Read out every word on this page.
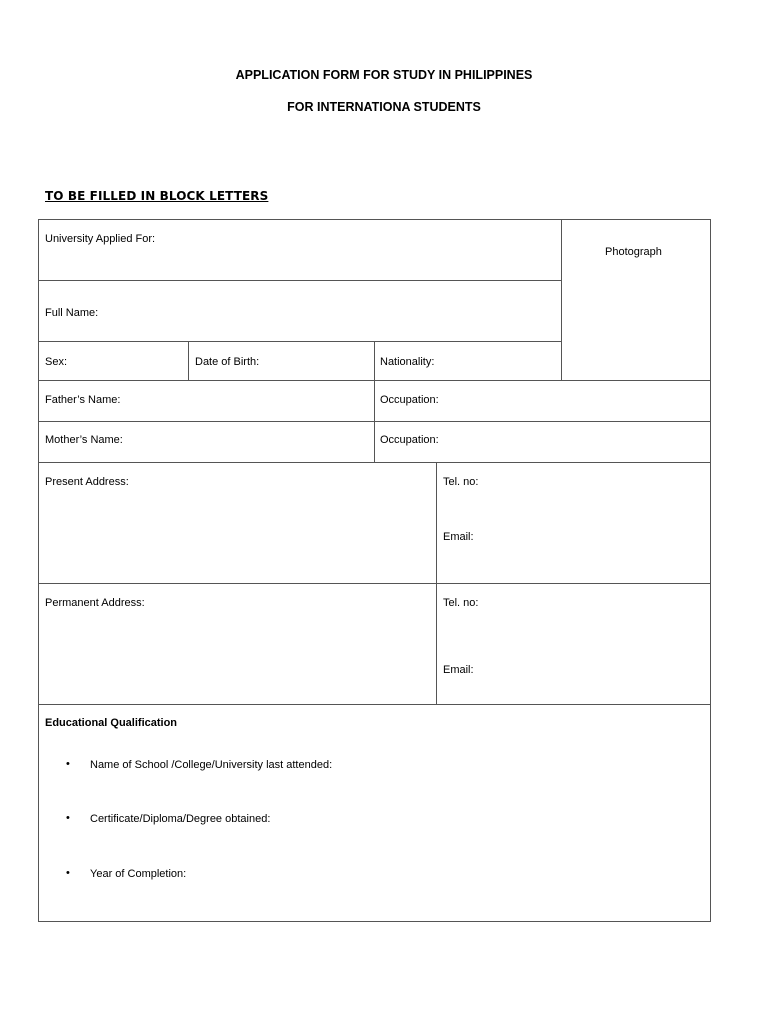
APPLICATION FORM FOR STUDY IN PHILIPPINES
FOR INTERNATIONA STUDENTS
TO BE FILLED IN BLOCK LETTERS
University Applied For:
Photograph
Full Name:
Sex:	Date of Birth:	Nationality:
Father’s Name:	Occupation:
Mother’s Name:	Occupation:
Present Address:	Tel. no:
Email:
Permanent Address:	Tel. no:
Email:
Educational Qualification
• Name of School /College/University last attended:
• Certificate/Diploma/Degree obtained:
• Year of Completion:
